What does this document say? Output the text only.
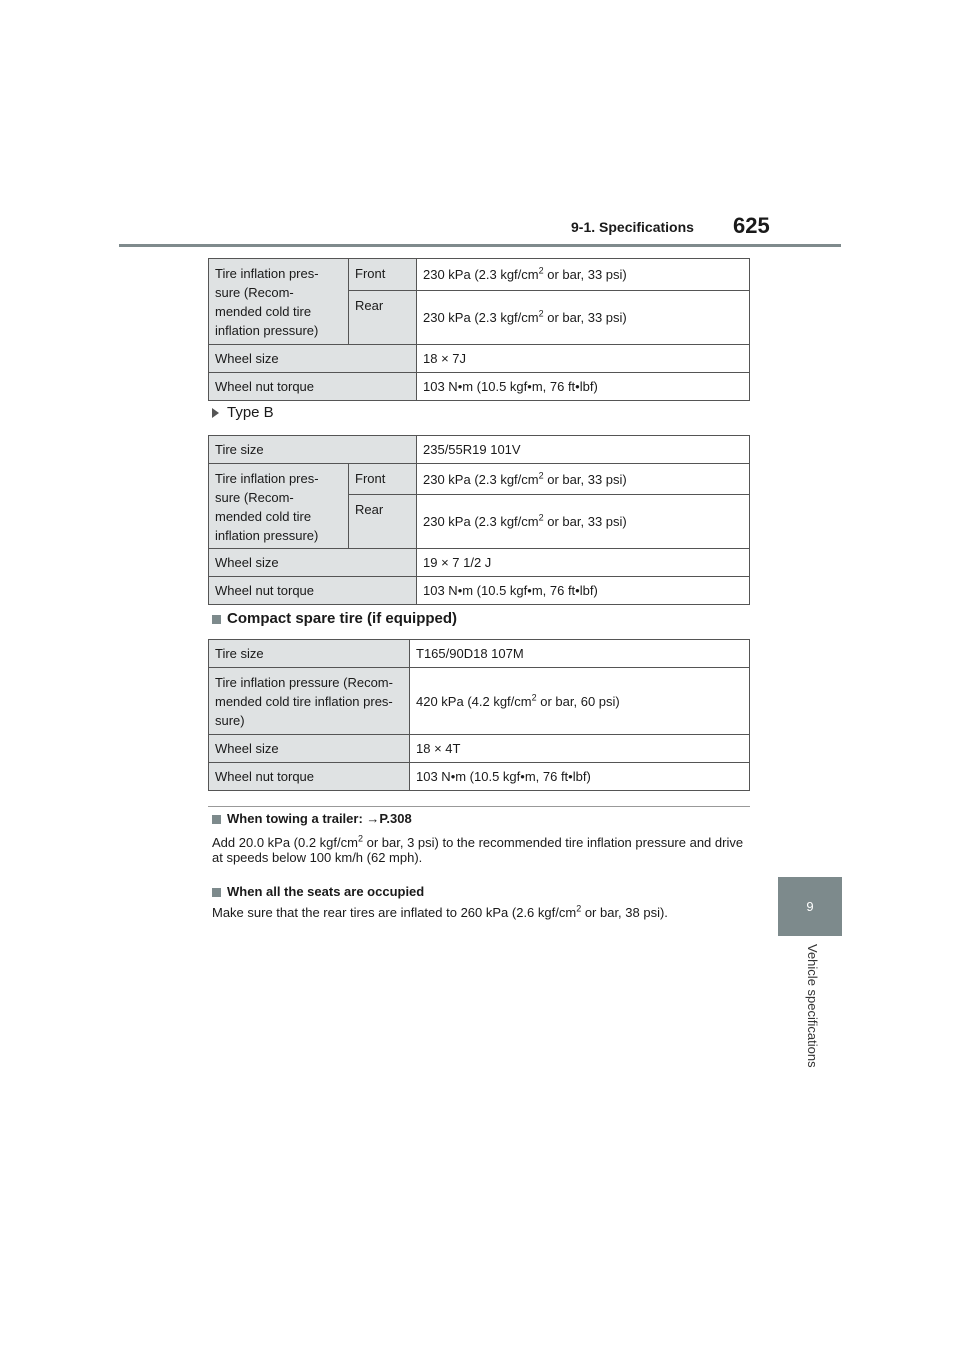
9-1. Specifications 625
9
Vehicle specifications
Tire inflation pres-
sure (Recom-
mended cold tire
inflation pressure)	Front	230 kPa (2.3 kgf/$cm^2$ or bar, 33 psi)
	Rear	230 kPa (2.3 kgf/$cm^2$ or bar, 33 psi)
Wheel size		18 × 7J
Wheel nut torque		103 N•m (10.5 kgf•m, 76 ft•lbf)
Type B
Tire size		235/55R19 101V
Tire inflation pres-
sure (Recom-
mended cold tire
inflation pressure)	Front	230 kPa (2.3 kgf/$cm^2$ or bar, 33 psi)
	Rear	230 kPa (2.3 kgf/$cm^2$ or bar, 33 psi)
Wheel size		19 × 7 1/2 J
Wheel nut torque		103 N•m (10.5 kgf•m, 76 ft•lbf)
Compact spare tire (if equipped)
Tire size	T165/90D18 107M
Tire inflation pressure (Recom-
mended cold tire inflation pres-
sure)	420 kPa (4.2 kgf/$cm^2$ or bar, 60 psi)
Wheel size	18 × 4T
Wheel nut torque	103 N•m (10.5 kgf•m, 76 ft•lbf)
When towing a trailer: →P.308
Add 20.0 kPa (0.2 kgf/$cm^2$ or bar, 3 psi) to the recommended tire inflation pressure and drive at speeds below 100 km/h (62 mph).
When all the seats are occupied
Make sure that the rear tires are inflated to 260 kPa (2.6 kgf/$cm^2$ or bar, 38 psi).
